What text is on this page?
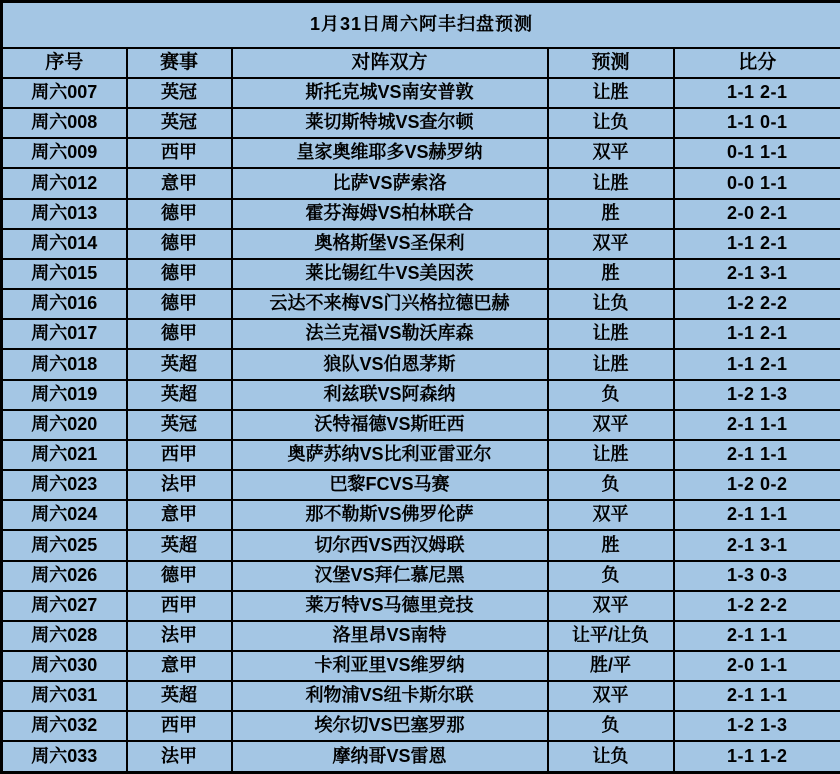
1月31日周六阿丰扫盘预测				
序号	赛事	对阵双方	预测	比分
周六007	英冠	斯托克城VS南安普敦	让胜	1-1 2-1
周六008	英冠	莱切斯特城VS查尔顿	让负	1-1 0-1
周六009	西甲	皇家奥维耶多VS赫罗纳	双平	0-1 1-1
周六012	意甲	比萨VS萨索洛	让胜	0-0 1-1
周六013	德甲	霍芬海姆VS柏林联合	胜	2-0 2-1
周六014	德甲	奥格斯堡VS圣保利	双平	1-1 2-1
周六015	德甲	莱比锡红牛VS美因茨	胜	2-1 3-1
周六016	德甲	云达不来梅VS门兴格拉德巴赫	让负	1-2 2-2
周六017	德甲	法兰克福VS勒沃库森	让胜	1-1 2-1
周六018	英超	狼队VS伯恩茅斯	让胜	1-1 2-1
周六019	英超	利兹联VS阿森纳	负	1-2 1-3
周六020	英冠	沃特福德VS斯旺西	双平	2-1 1-1
周六021	西甲	奥萨苏纳VS比利亚雷亚尔	让胜	2-1 1-1
周六023	法甲	巴黎FCVS马赛	负	1-2 0-2
周六024	意甲	那不勒斯VS佛罗伦萨	双平	2-1 1-1
周六025	英超	切尔西VS西汉姆联	胜	2-1 3-1
周六026	德甲	汉堡VS拜仁慕尼黑	负	1-3 0-3
周六027	西甲	莱万特VS马德里竞技	双平	1-2 2-2
周六028	法甲	洛里昂VS南特	让平/让负	2-1 1-1
周六030	意甲	卡利亚里VS维罗纳	胜/平	2-0 1-1
周六031	英超	利物浦VS纽卡斯尔联	双平	2-1 1-1
周六032	西甲	埃尔切VS巴塞罗那	负	1-2 1-3
周六033	法甲	摩纳哥VS雷恩	让负	1-1 1-2
